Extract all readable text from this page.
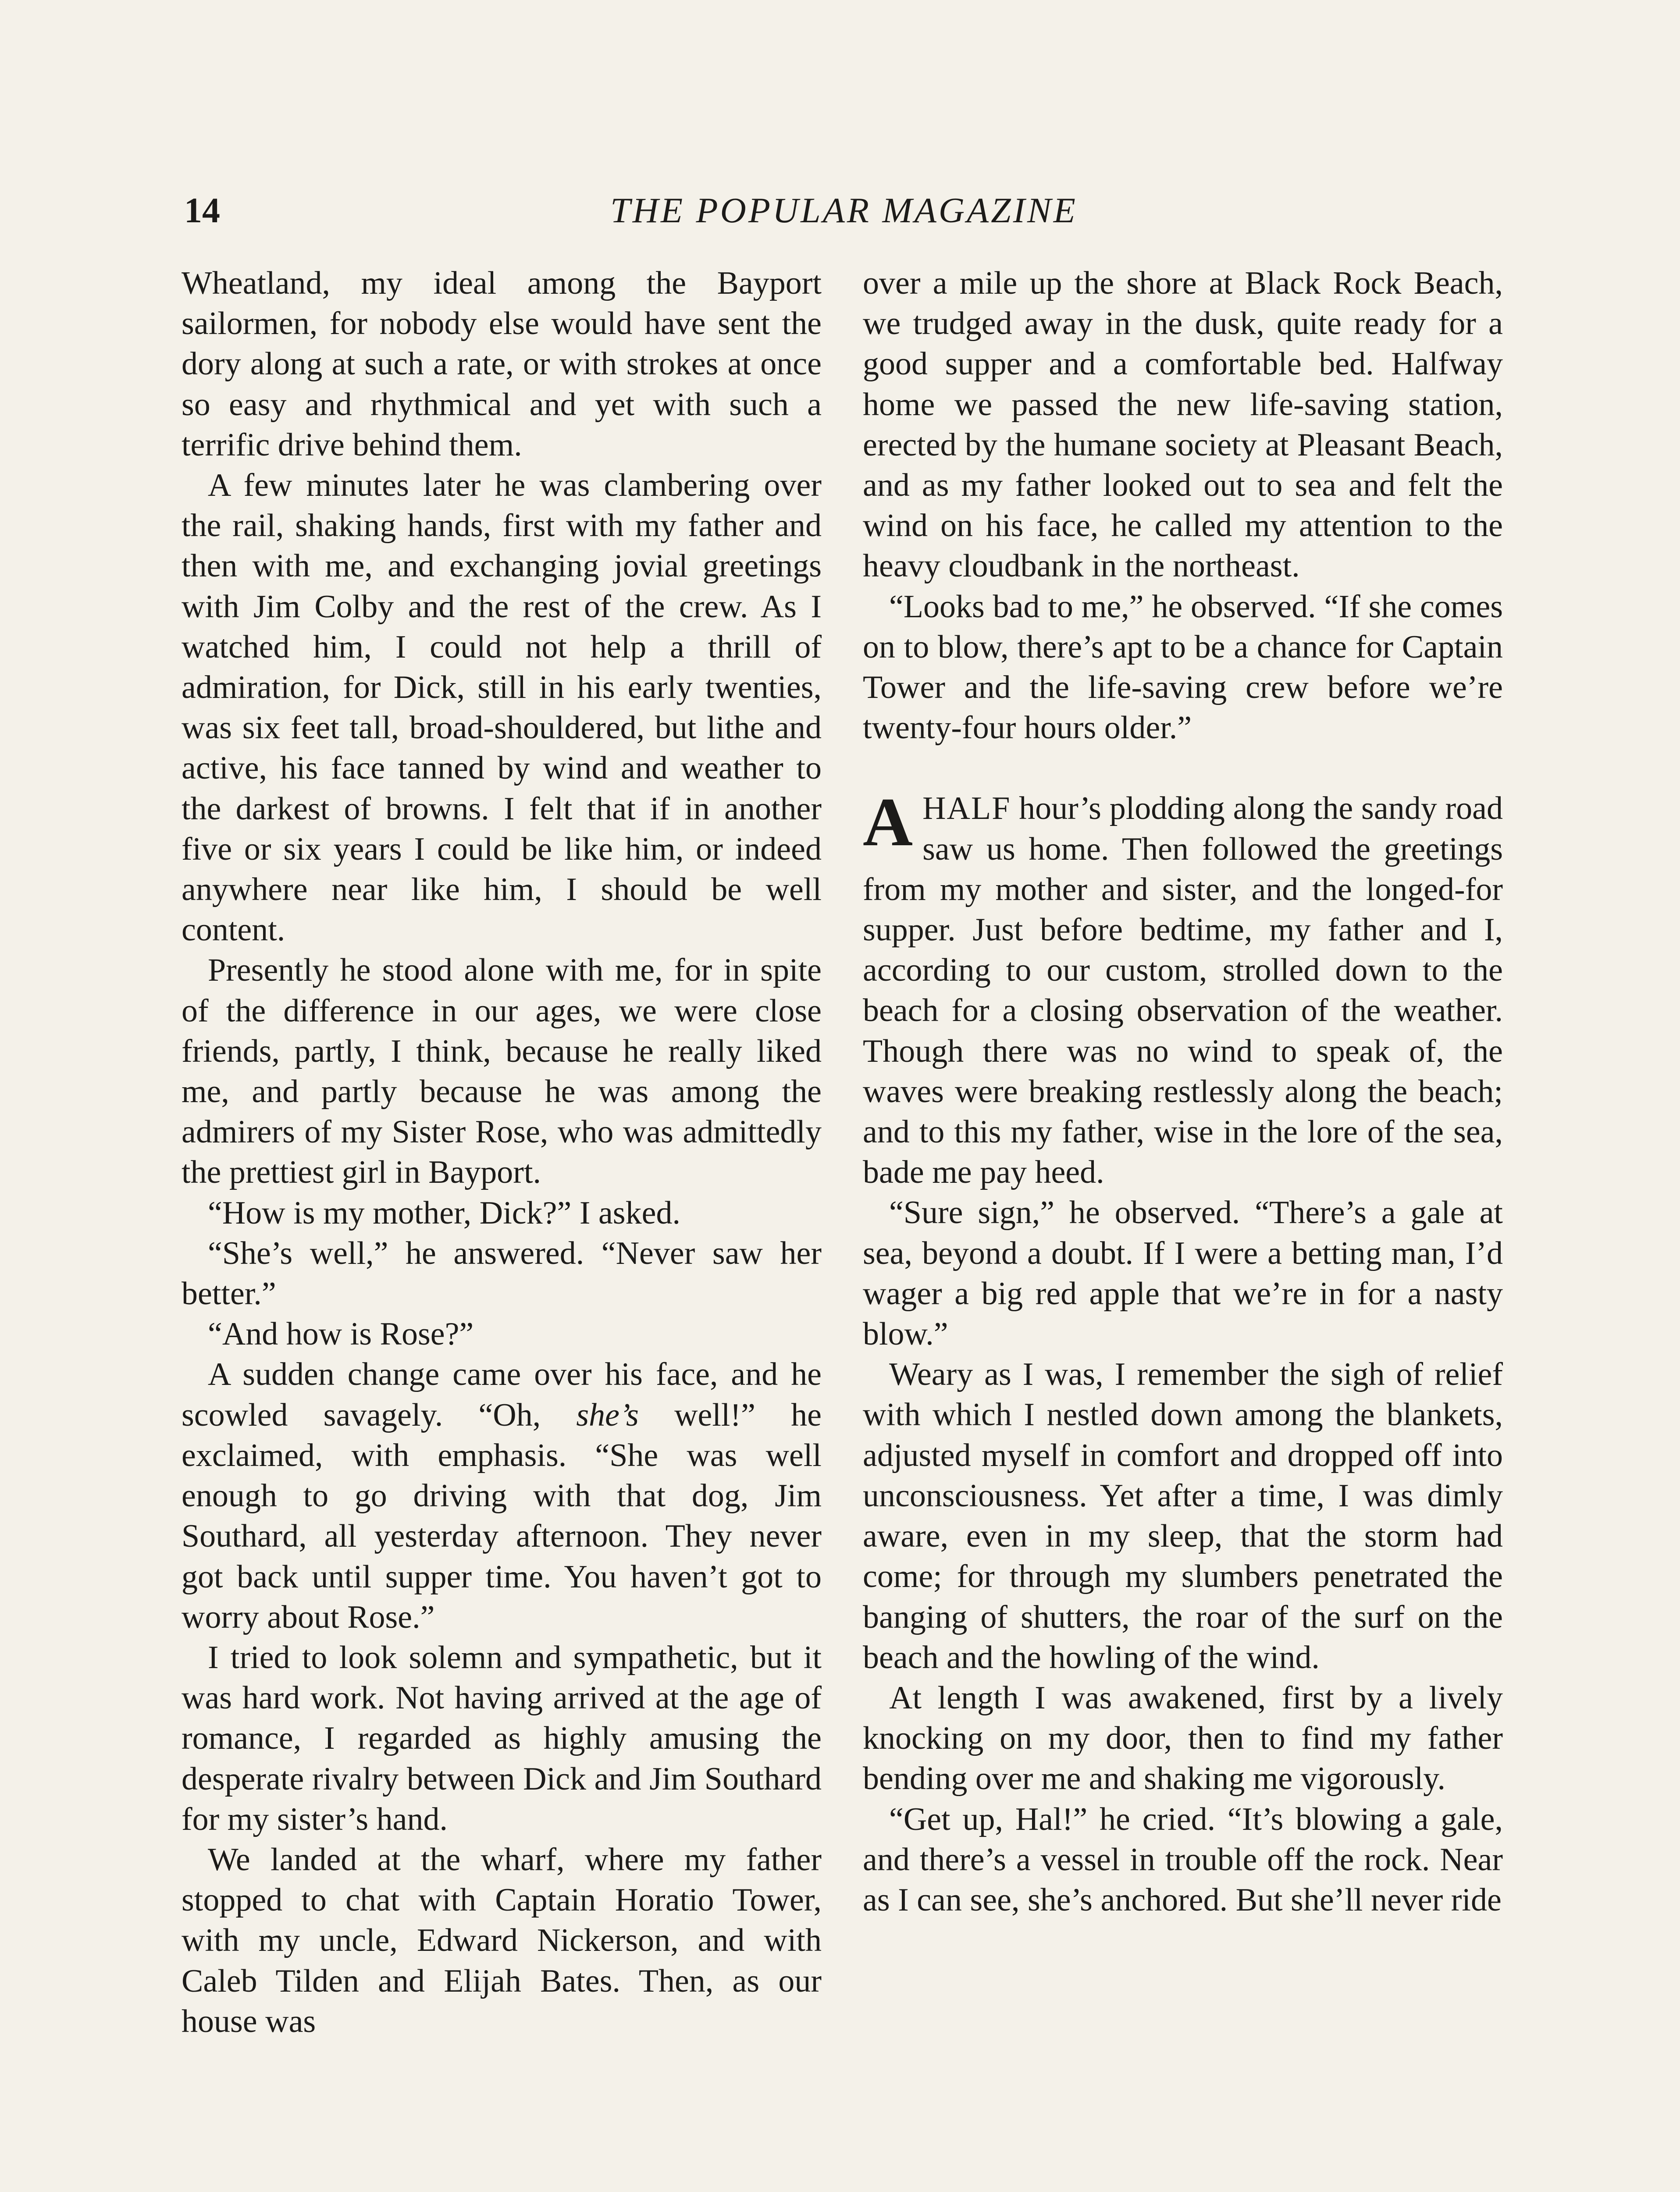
14	THE POPULAR MAGAZINE

Wheatland, my ideal among the Bayport sailormen, for nobody else would have sent the dory along at such a rate, or with strokes at once so easy and rhythmical and yet with such a terrific drive behind them.

A few minutes later he was clambering over the rail, shaking hands, first with my father and then with me, and exchanging jovial greetings with Jim Colby and the rest of the crew. As I watched him, I could not help a thrill of admiration, for Dick, still in his early twenties, was six feet tall, broad-shouldered, but lithe and active, his face tanned by wind and weather to the darkest of browns. I felt that if in another five or six years I could be like him, or indeed anywhere near like him, I should be well content.

Presently he stood alone with me, for in spite of the difference in our ages, we were close friends, partly, I think, because he really liked me, and partly because he was among the admirers of my Sister Rose, who was admittedly the prettiest girl in Bayport.

“How is my mother, Dick?” I asked.

“She’s well,” he answered. “Never saw her better.”

“And how is Rose?”

A sudden change came over his face, and he scowled savagely. “Oh, she’s well!” he exclaimed, with emphasis. “She was well enough to go driving with that dog, Jim Southard, all yesterday afternoon. They never got back until supper time. You haven’t got to worry about Rose.”

I tried to look solemn and sympathetic, but it was hard work. Not having arrived at the age of romance, I regarded as highly amusing the desperate rivalry between Dick and Jim Southard for my sister’s hand.

We landed at the wharf, where my father stopped to chat with Captain Horatio Tower, with my uncle, Edward Nickerson, and with Caleb Tilden and Elijah Bates. Then, as our house was

over a mile up the shore at Black Rock Beach, we trudged away in the dusk, quite ready for a good supper and a comfortable bed. Halfway home we passed the new life-saving station, erected by the humane society at Pleasant Beach, and as my father looked out to sea and felt the wind on his face, he called my attention to the heavy cloudbank in the northeast.

“Looks bad to me,” he observed. “If she comes on to blow, there’s apt to be a chance for Captain Tower and the life-saving crew before we’re twenty-four hours older.”

AHALF hour’s plodding along the sandy road saw us home. Then followed the greetings from my mother and sister, and the longed-for supper. Just before bedtime, my father and I, according to our custom, strolled down to the beach for a closing observation of the weather. Though there was no wind to speak of, the waves were breaking restlessly along the beach; and to this my father, wise in the lore of the sea, bade me pay heed.

“Sure sign,” he observed. “There’s a gale at sea, beyond a doubt. If I were a betting man, I’d wager a big red apple that we’re in for a nasty blow.”

Weary as I was, I remember the sigh of relief with which I nestled down among the blankets, adjusted myself in comfort and dropped off into unconsciousness. Yet after a time, I was dimly aware, even in my sleep, that the storm had come; for through my slumbers penetrated the banging of shutters, the roar of the surf on the beach and the howling of the wind.

At length I was awakened, first by a lively knocking on my door, then to find my father bending over me and shaking me vigorously.

“Get up, Hal!” he cried. “It’s blowing a gale, and there’s a vessel in trouble off the rock. Near as I can see, she’s anchored. But she’ll never ride
